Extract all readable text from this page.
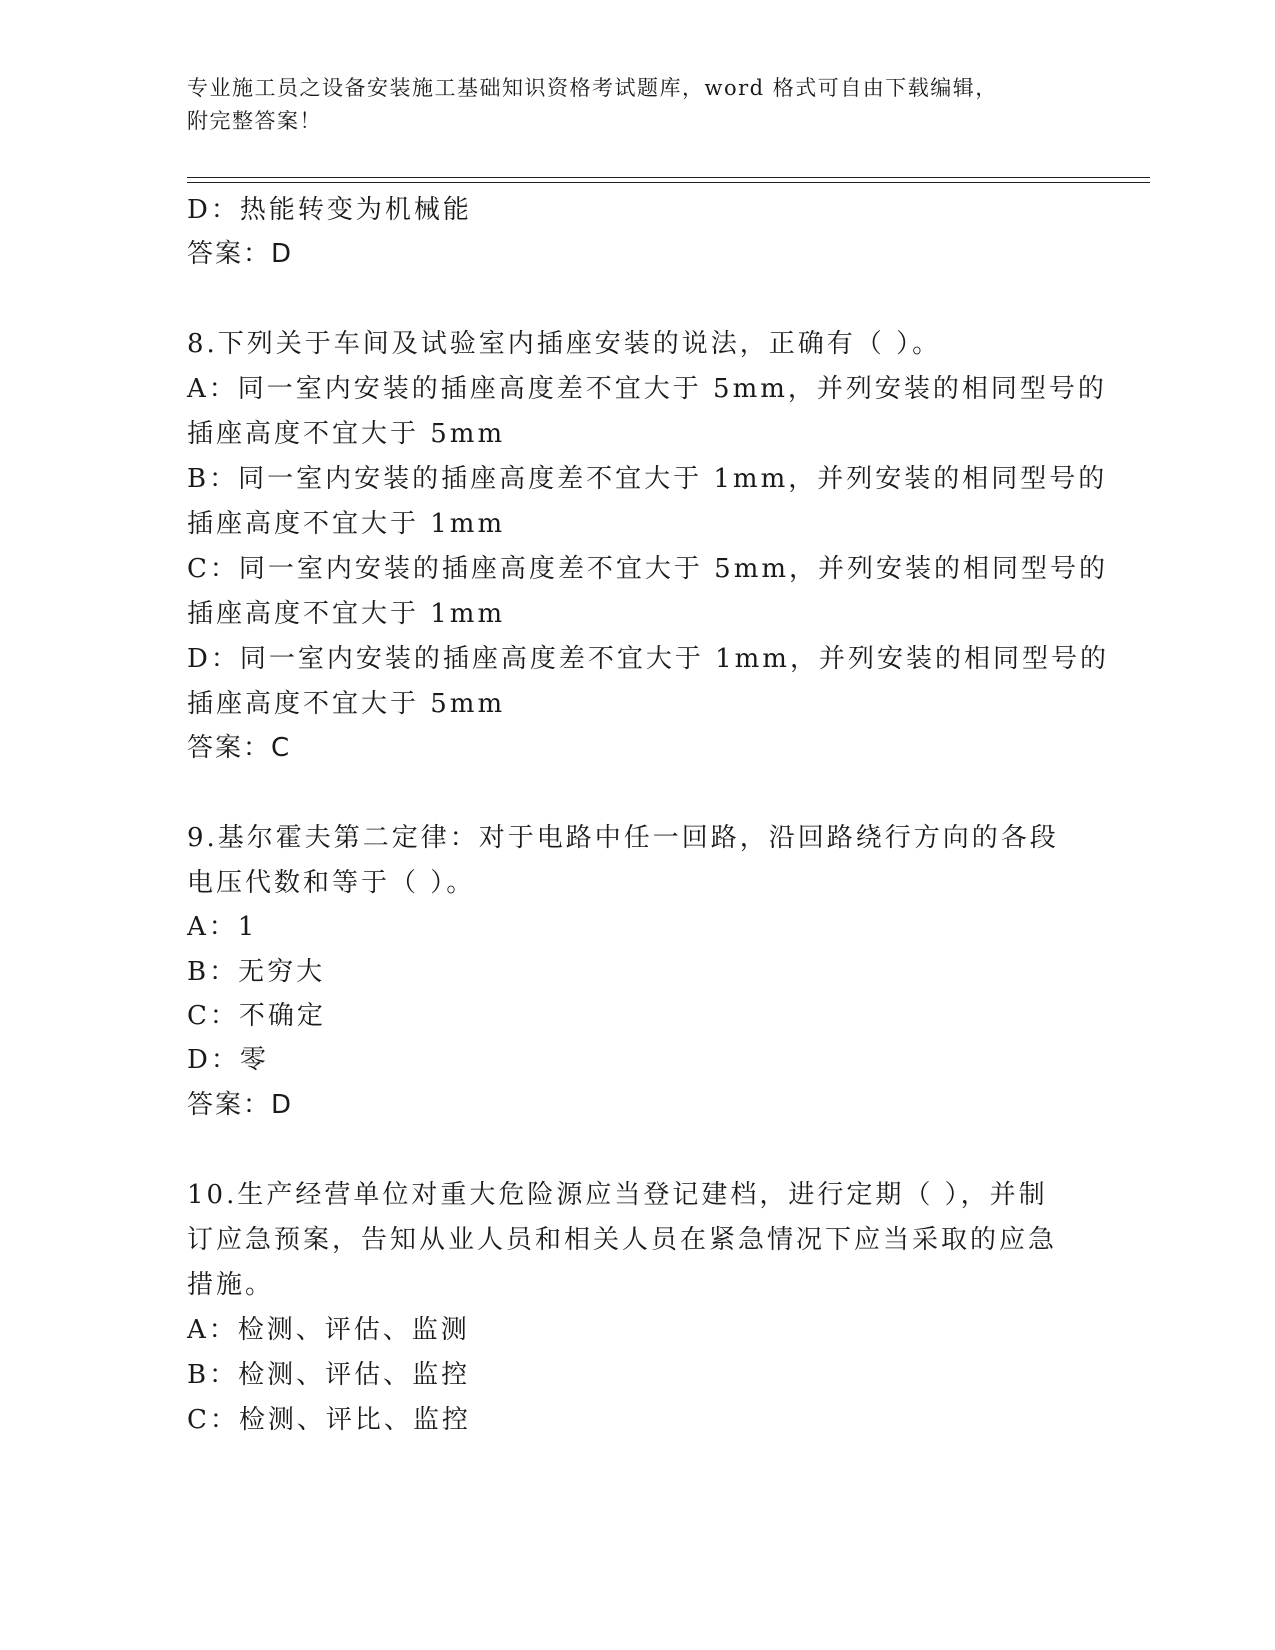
专业施工员之设备安装施工基础知识资格考试题库，word 格式可自由下载编辑，
附完整答案！
D：热能转变为机械能
答案：D
8.下列关于车间及试验室内插座安装的说法，正确有（ ）。
A：同一室内安装的插座高度差不宜大于 5mm，并列安装的相同型号的
插座高度不宜大于 5mm
B：同一室内安装的插座高度差不宜大于 1mm，并列安装的相同型号的
插座高度不宜大于 1mm
C：同一室内安装的插座高度差不宜大于 5mm，并列安装的相同型号的
插座高度不宜大于 1mm
D：同一室内安装的插座高度差不宜大于 1mm，并列安装的相同型号的
插座高度不宜大于 5mm
答案：C
9.基尔霍夫第二定律：对于电路中任一回路，沿回路绕行方向的各段
电压代数和等于（ ）。
A：1
B：无穷大
C：不确定
D：零
答案：D
10.生产经营单位对重大危险源应当登记建档，进行定期（ ），并制
订应急预案，告知从业人员和相关人员在紧急情况下应当采取的应急
措施。
A：检测、评估、监测
B：检测、评估、监控
C：检测、评比、监控
